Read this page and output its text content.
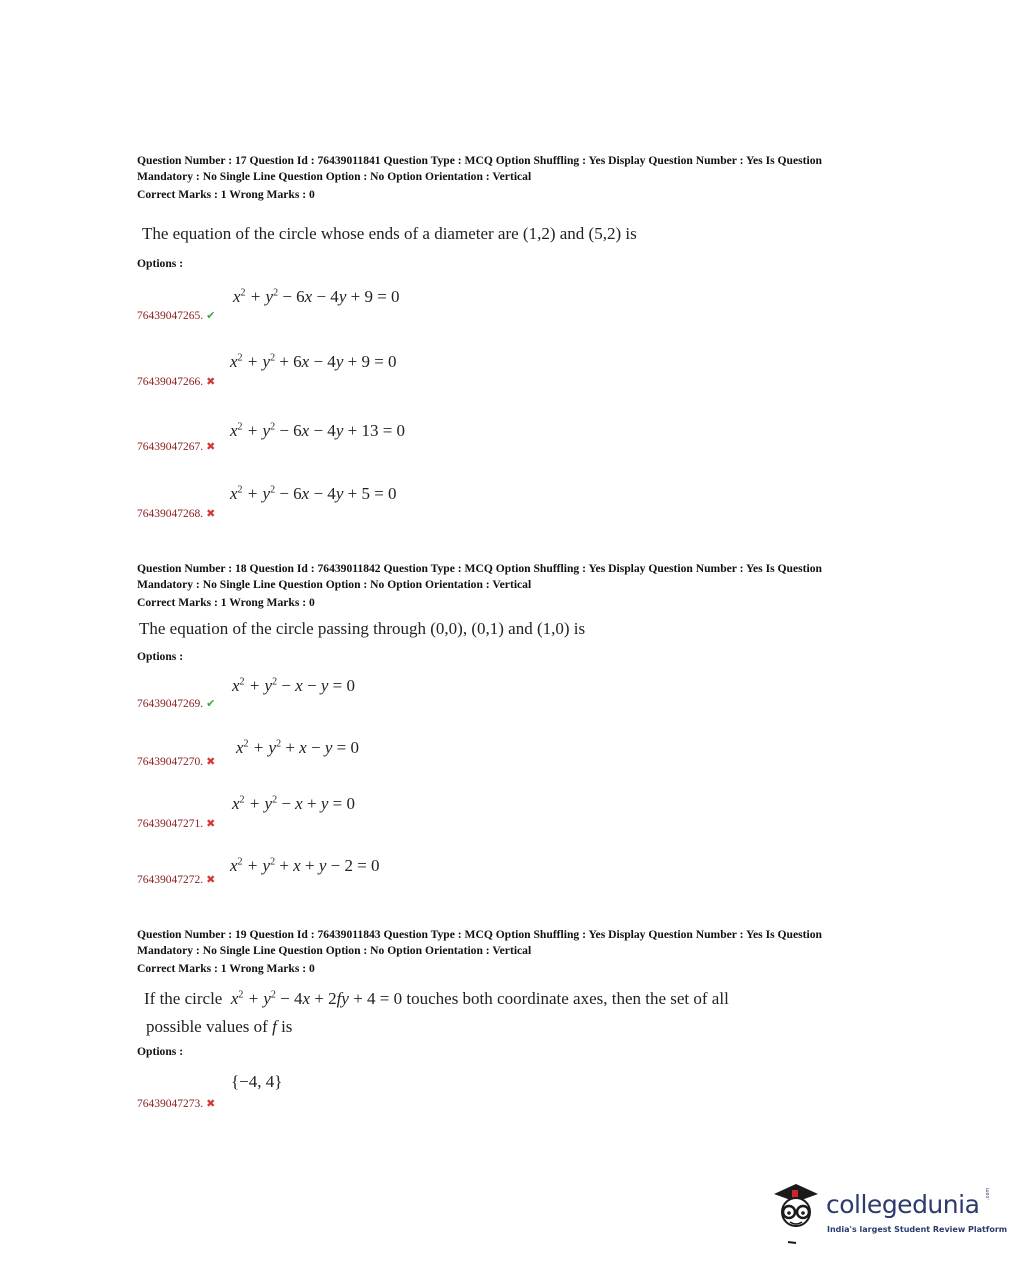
Question Number : 17 Question Id : 76439011841 Question Type : MCQ Option Shuffling : Yes Display Question Number : Yes Is Question
Mandatory : No Single Line Question Option : No Option Orientation : Vertical
Correct Marks : 1 Wrong Marks : 0
The equation of the circle whose ends of a diameter are (1,2) and (5,2) is
Options :
$x^2 + y^2 - 6x - 4y + 9 = 0$
76439047265. ✔
$x^2 + y^2 + 6x - 4y + 9 = 0$
76439047266. ✖
$x^2 + y^2 - 6x - 4y + 13 = 0$
76439047267. ✖
$x^2 + y^2 - 6x - 4y + 5 = 0$
76439047268. ✖
Question Number : 18 Question Id : 76439011842 Question Type : MCQ Option Shuffling : Yes Display Question Number : Yes Is Question
Mandatory : No Single Line Question Option : No Option Orientation : Vertical
Correct Marks : 1 Wrong Marks : 0
The equation of the circle passing through (0,0), (0,1) and (1,0) is
Options :
$x^2 + y^2 - x - y = 0$
76439047269. ✔
$x^2 + y^2 + x - y = 0$
76439047270. ✖
$x^2 + y^2 - x + y = 0$
76439047271. ✖
$x^2 + y^2 + x + y - 2 = 0$
76439047272. ✖
Question Number : 19 Question Id : 76439011843 Question Type : MCQ Option Shuffling : Yes Display Question Number : Yes Is Question
Mandatory : No Single Line Question Option : No Option Orientation : Vertical
Correct Marks : 1 Wrong Marks : 0
If the circle  $x^2 + y^2 - 4x + 2fy + 4 = 0$ touches both coordinate axes, then the set of all
possible values of f is
Options :
{−4, 4}
76439047273. ✖
collegedunia .com
India's largest Student Review Platform
